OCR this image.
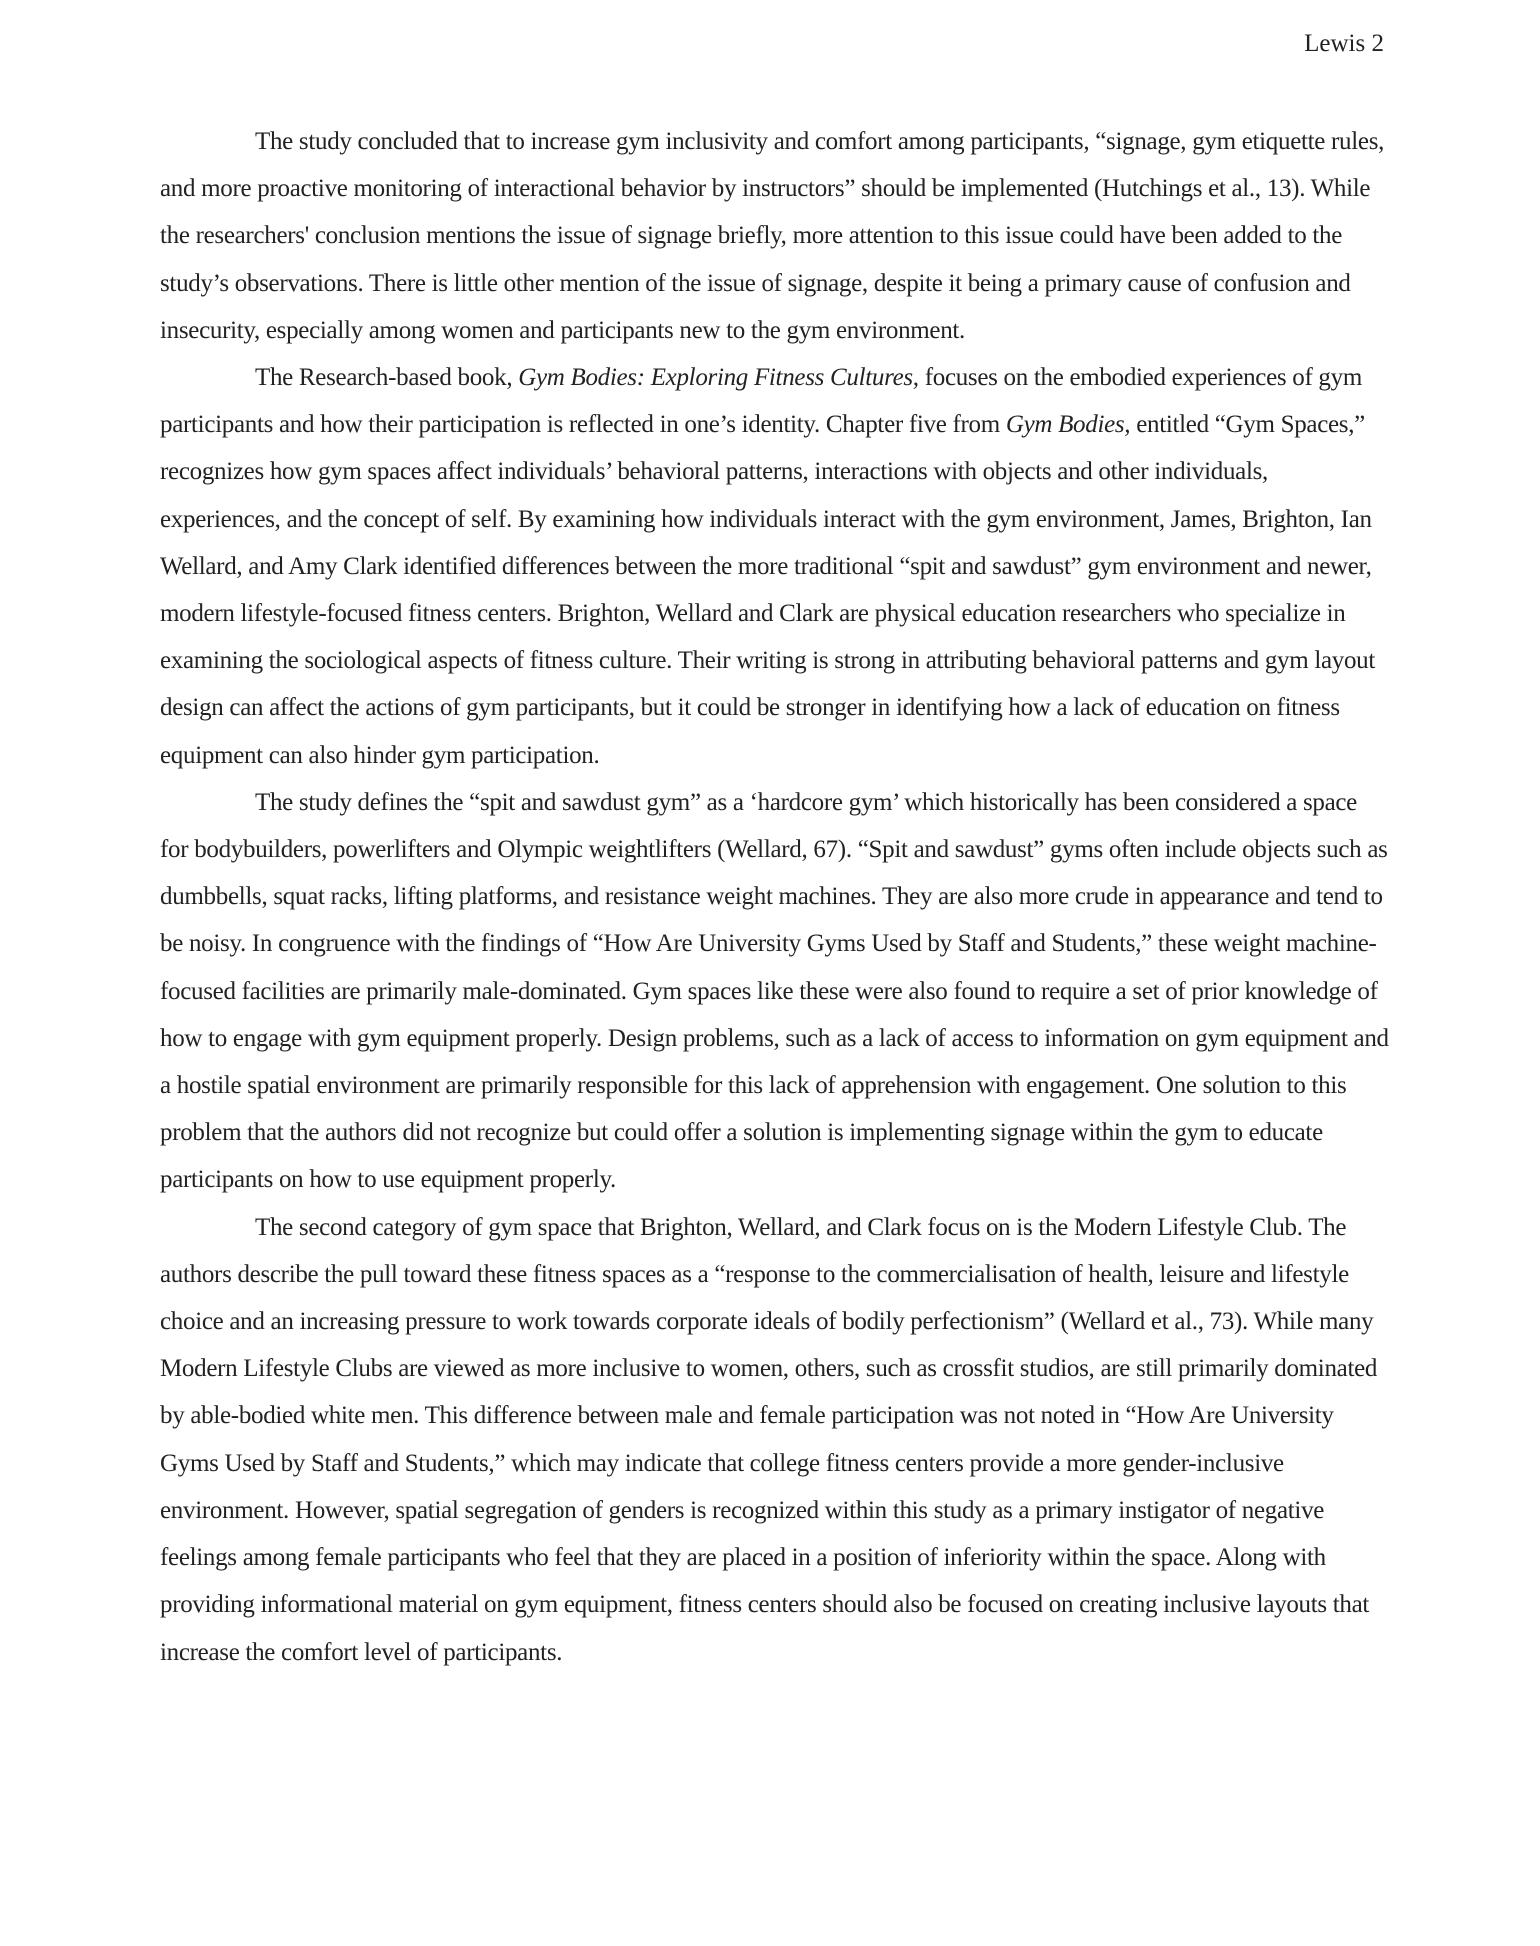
Lewis 2

The study concluded that to increase gym inclusivity and comfort among participants, “signage, gym etiquette rules, and more proactive monitoring of interactional behavior by instructors” should be implemented (Hutchings et al., 13). While the researchers' conclusion mentions the issue of signage briefly, more attention to this issue could have been added to the study’s observations. There is little other mention of the issue of signage, despite it being a primary cause of confusion and insecurity, especially among women and participants new to the gym environment.

The Research-based book, Gym Bodies: Exploring Fitness Cultures, focuses on the embodied experiences of gym participants and how their participation is reflected in one’s identity. Chapter five from Gym Bodies, entitled “Gym Spaces,” recognizes how gym spaces affect individuals’ behavioral patterns, interactions with objects and other individuals, experiences, and the concept of self. By examining how individuals interact with the gym environment, James, Brighton, Ian Wellard, and Amy Clark identified differences between the more traditional “spit and sawdust” gym environment and newer, modern lifestyle-focused fitness centers. Brighton, Wellard and Clark are physical education researchers who specialize in examining the sociological aspects of fitness culture. Their writing is strong in attributing behavioral patterns and gym layout design can affect the actions of gym participants, but it could be stronger in identifying how a lack of education on fitness equipment can also hinder gym participation.

The study defines the “spit and sawdust gym” as a ‘hardcore gym’ which historically has been considered a space for bodybuilders, powerlifters and Olympic weightlifters (Wellard, 67). “Spit and sawdust” gyms often include objects such as dumbbells, squat racks, lifting platforms, and resistance weight machines. They are also more crude in appearance and tend to be noisy. In congruence with the findings of “How Are University Gyms Used by Staff and Students,” these weight machine-focused facilities are primarily male-dominated. Gym spaces like these were also found to require a set of prior knowledge of how to engage with gym equipment properly. Design problems, such as a lack of access to information on gym equipment and a hostile spatial environment are primarily responsible for this lack of apprehension with engagement. One solution to this problem that the authors did not recognize but could offer a solution is implementing signage within the gym to educate participants on how to use equipment properly.

The second category of gym space that Brighton, Wellard, and Clark focus on is the Modern Lifestyle Club. The authors describe the pull toward these fitness spaces as a “response to the commercialisation of health, leisure and lifestyle choice and an increasing pressure to work towards corporate ideals of bodily perfectionism” (Wellard et al., 73). While many Modern Lifestyle Clubs are viewed as more inclusive to women, others, such as crossfit studios, are still primarily dominated by able-bodied white men. This difference between male and female participation was not noted in “How Are University Gyms Used by Staff and Students,” which may indicate that college fitness centers provide a more gender-inclusive environment. However, spatial segregation of genders is recognized within this study as a primary instigator of negative feelings among female participants who feel that they are placed in a position of inferiority within the space. Along with providing informational material on gym equipment, fitness centers should also be focused on creating inclusive layouts that increase the comfort level of participants.
